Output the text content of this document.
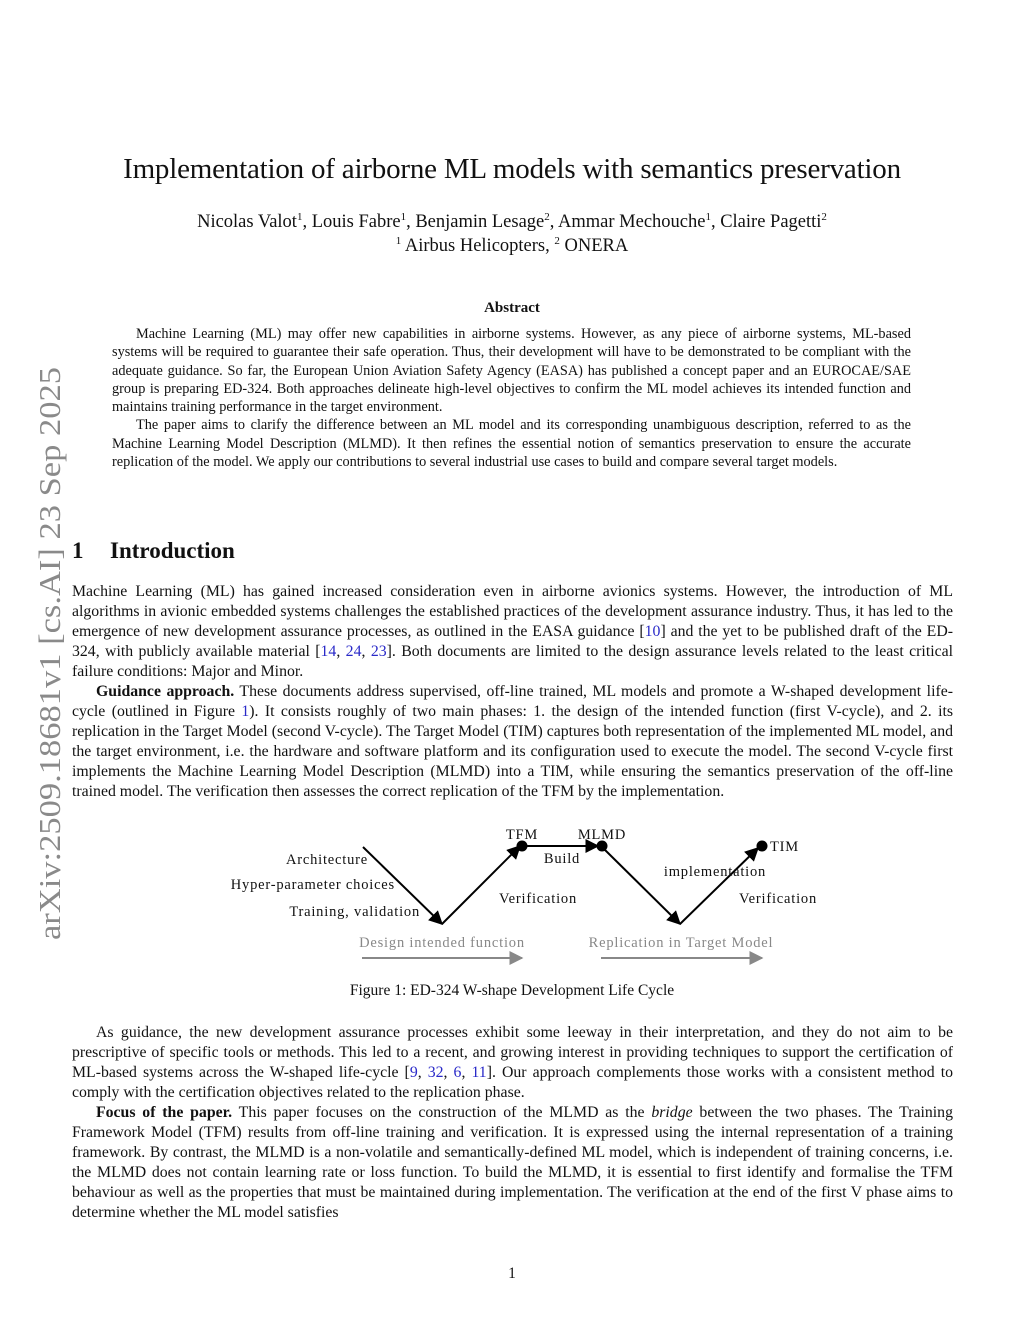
arXiv:2509.18681v1 [cs.AI] 23 Sep 2025
Implementation of airborne ML models with semantics preservation
Nicolas Valot$^1$, Louis Fabre$^1$, Benjamin Lesage$^2$, Ammar Mechouche$^1$, Claire Pagetti$^2$
$^1$ Airbus Helicopters, $^2$ ONERA
Abstract

Machine Learning (ML) may offer new capabilities in airborne systems. However, as any piece of airborne systems, ML-based systems will be required to guarantee their safe operation. Thus, their development will have to be demonstrated to be compliant with the adequate guidance. So far, the European Union Aviation Safety Agency (EASA) has published a concept paper and an EUROCAE/SAE group is preparing ED-324. Both approaches delineate high-level objectives to confirm the ML model achieves its intended function and maintains training performance in the target environment.

The paper aims to clarify the difference between an ML model and its corresponding unambiguous description, referred to as the Machine Learning Model Description (MLMD). It then refines the essential notion of semantics preservation to ensure the accurate replication of the model. We apply our contributions to several industrial use cases to build and compare several target models.

1 Introduction

Machine Learning (ML) has gained increased consideration even in airborne avionics systems. However, the introduction of ML algorithms in avionic embedded systems challenges the established practices of the development assurance industry. Thus, it has led to the emergence of new development assurance processes, as outlined in the EASA guidance [10] and the yet to be published draft of the ED-324, with publicly available material [14, 24, 23]. Both documents are limited to the design assurance levels related to the least critical failure conditions: Major and Minor.

Guidance approach. These documents address supervised, off-line trained, ML models and promote a W-shaped development life-cycle (outlined in Figure 1). It consists roughly of two main phases: 1. the design of the intended function (first V-cycle), and 2. its replication in the Target Model (second V-cycle). The Target Model (TIM) captures both representation of the implemented ML model, and the target environment, i.e. the hardware and software platform and its configuration used to execute the model. The second V-cycle first implements the Machine Learning Model Description (MLMD) into a TIM, while ensuring the semantics preservation of the off-line trained model. The verification then assesses the correct replication of the TFM by the implementation.

Architecture
Hyper-parameter choices
Training, validation
TFM	MLMD
Build
Verification
implementation
TIM
Verification
Design intended function	Replication in Target Model
Figure 1: ED-324 W-shape Development Life Cycle

As guidance, the new development assurance processes exhibit some leeway in their interpretation, and they do not aim to be prescriptive of specific tools or methods. This led to a recent, and growing interest in providing techniques to support the certification of ML-based systems across the W-shaped life-cycle [9, 32, 6, 11]. Our approach complements those works with a consistent method to comply with the certification objectives related to the replication phase.

Focus of the paper. This paper focuses on the construction of the MLMD as the bridge between the two phases. The Training Framework Model (TFM) results from off-line training and verification. It is expressed using the internal representation of a training framework. By contrast, the MLMD is a non-volatile and semantically-defined ML model, which is independent of training concerns, i.e. the MLMD does not contain learning rate or loss function. To build the MLMD, it is essential to first identify and formalise the TFM behaviour as well as the properties that must be maintained during implementation. The verification at the end of the first V phase aims to determine whether the ML model satisfies

1
